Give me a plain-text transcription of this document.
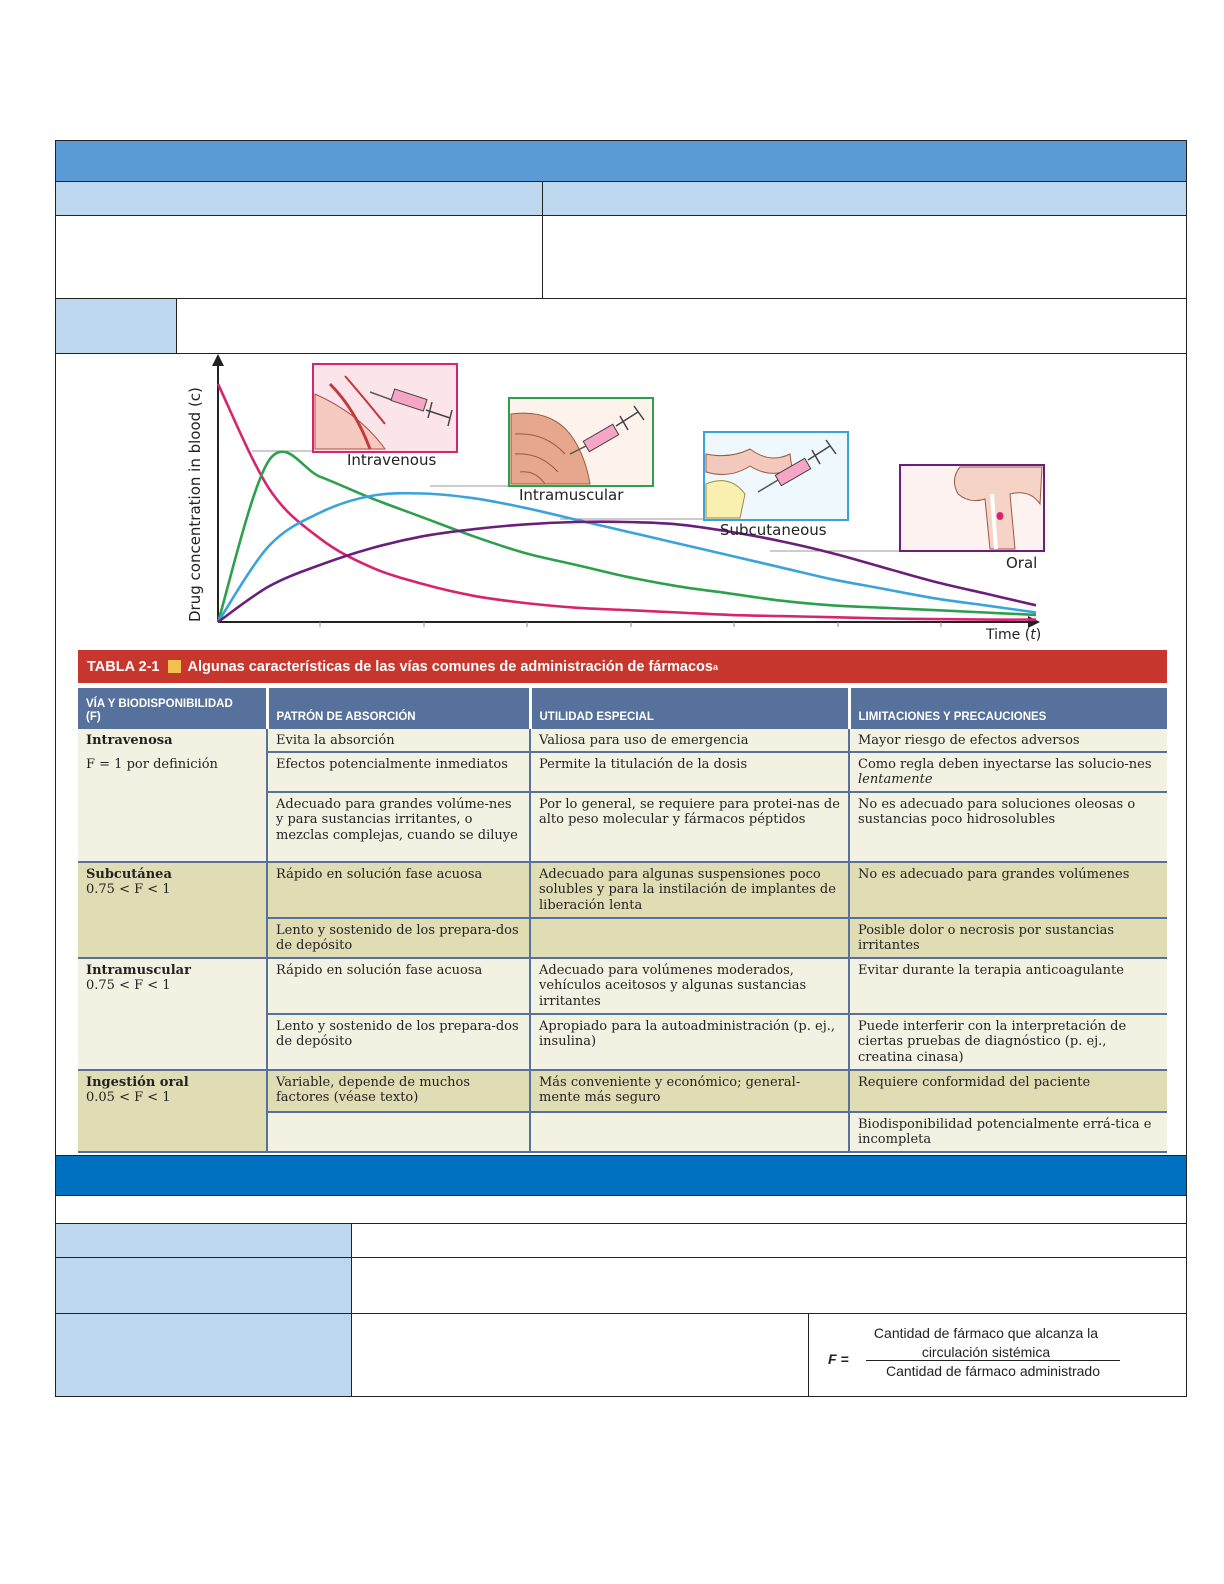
Drug concentration in blood (c)
Time (t)
Intravenous
Intramuscular
Subcutaneous
Oral
TABLA 2-1 Algunas características de las vías comunes de administración de fármacos a
VÍA Y BIODISPONIBILIDAD (F)	PATRÓN DE ABSORCIÓN	UTILIDAD ESPECIAL	LIMITACIONES Y PRECAUCIONES
Intravenosa
F = 1 por definición	Evita la absorción	Valiosa para uso de emergencia	Mayor riesgo de efectos adversos
	Efectos potencialmente inmediatos	Permite la titulación de la dosis	Como regla deben inyectarse las solucio-nes lentamente
	Adecuado para grandes volúme-nes y para sustancias irritantes, o mezclas complejas, cuando se diluye	Por lo general, se requiere para protei-nas de alto peso molecular y fármacos péptidos	No es adecuado para soluciones oleosas o sustancias poco hidrosolubles
Subcutánea
0.75 < F < 1	Rápido en solución fase acuosa	Adecuado para algunas suspensiones poco solubles y para la instilación de implantes de liberación lenta	No es adecuado para grandes volúmenes
	Lento y sostenido de los prepara-dos de depósito		Posible dolor o necrosis por sustancias irritantes
Intramuscular
0.75 < F < 1	Rápido en solución fase acuosa	Adecuado para volúmenes moderados, vehículos aceitosos y algunas sustancias irritantes	Evitar durante la terapia anticoagulante
	Lento y sostenido de los prepara-dos de depósito	Apropiado para la autoadministración (p. ej., insulina)	Puede interferir con la interpretación de ciertas pruebas de diagnóstico (p. ej., creatina cinasa)
Ingestión oral
0.05 < F < 1	Variable, depende de muchos factores (véase texto)	Más conveniente y económico; general-mente más seguro	Requiere conformidad del paciente
			Biodisponibilidad potencialmente errá-tica e incompleta
F =
Cantidad de fármaco que alcanza la
circulación sistémica
Cantidad de fármaco administrado
